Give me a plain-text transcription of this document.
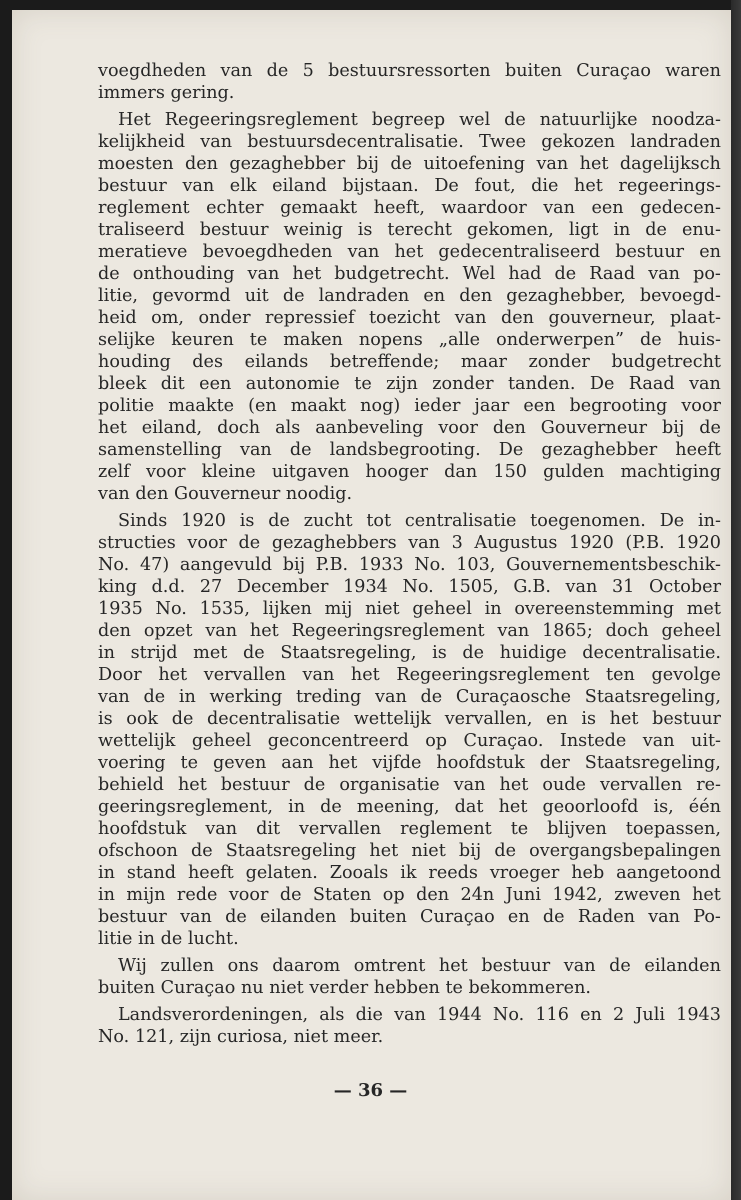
voegdheden van de 5 bestuursressorten buiten Curaçao waren
immers gering.
Het Regeeringsreglement begreep wel de natuurlijke noodza-
kelijkheid van bestuursdecentralisatie. Twee gekozen landraden
moesten den gezaghebber bij de uitoefening van het dagelijksch
bestuur van elk eiland bijstaan. De fout, die het regeerings-
reglement echter gemaakt heeft, waardoor van een gedecen-
traliseerd bestuur weinig is terecht gekomen, ligt in de enu-
meratieve bevoegdheden van het gedecentraliseerd bestuur en
de onthouding van het budgetrecht. Wel had de Raad van po-
litie, gevormd uit de landraden en den gezaghebber, bevoegd-
heid om, onder repressief toezicht van den gouverneur, plaat-
selijke keuren te maken nopens „alle onderwerpen” de huis-
houding des eilands betreffende; maar zonder budgetrecht
bleek dit een autonomie te zijn zonder tanden. De Raad van
politie maakte (en maakt nog) ieder jaar een begrooting voor
het eiland, doch als aanbeveling voor den Gouverneur bij de
samenstelling van de landsbegrooting. De gezaghebber heeft
zelf voor kleine uitgaven hooger dan 150 gulden machtiging
van den Gouverneur noodig.
Sinds 1920 is de zucht tot centralisatie toegenomen. De in-
structies voor de gezaghebbers van 3 Augustus 1920 (P.B. 1920
No. 47) aangevuld bij P.B. 1933 No. 103, Gouvernementsbeschik-
king d.d. 27 December 1934 No. 1505, G.B. van 31 October
1935 No. 1535, lijken mij niet geheel in overeenstemming met
den opzet van het Regeeringsreglement van 1865; doch geheel
in strijd met de Staatsregeling, is de huidige decentralisatie.
Door het vervallen van het Regeeringsreglement ten gevolge
van de in werking treding van de Curaçaosche Staatsregeling,
is ook de decentralisatie wettelijk vervallen, en is het bestuur
wettelijk geheel geconcentreerd op Curaçao. Instede van uit-
voering te geven aan het vijfde hoofdstuk der Staatsregeling,
behield het bestuur de organisatie van het oude vervallen re-
geeringsreglement, in de meening, dat het geoorloofd is, één
hoofdstuk van dit vervallen reglement te blijven toepassen,
ofschoon de Staatsregeling het niet bij de overgangsbepalingen
in stand heeft gelaten. Zooals ik reeds vroeger heb aangetoond
in mijn rede voor de Staten op den 24n Juni 1942, zweven het
bestuur van de eilanden buiten Curaçao en de Raden van Po-
litie in de lucht.
Wij zullen ons daarom omtrent het bestuur van de eilanden
buiten Curaçao nu niet verder hebben te bekommeren.
Landsverordeningen, als die van 1944 No. 116 en 2 Juli 1943
No. 121, zijn curiosa, niet meer.
— 36 —
